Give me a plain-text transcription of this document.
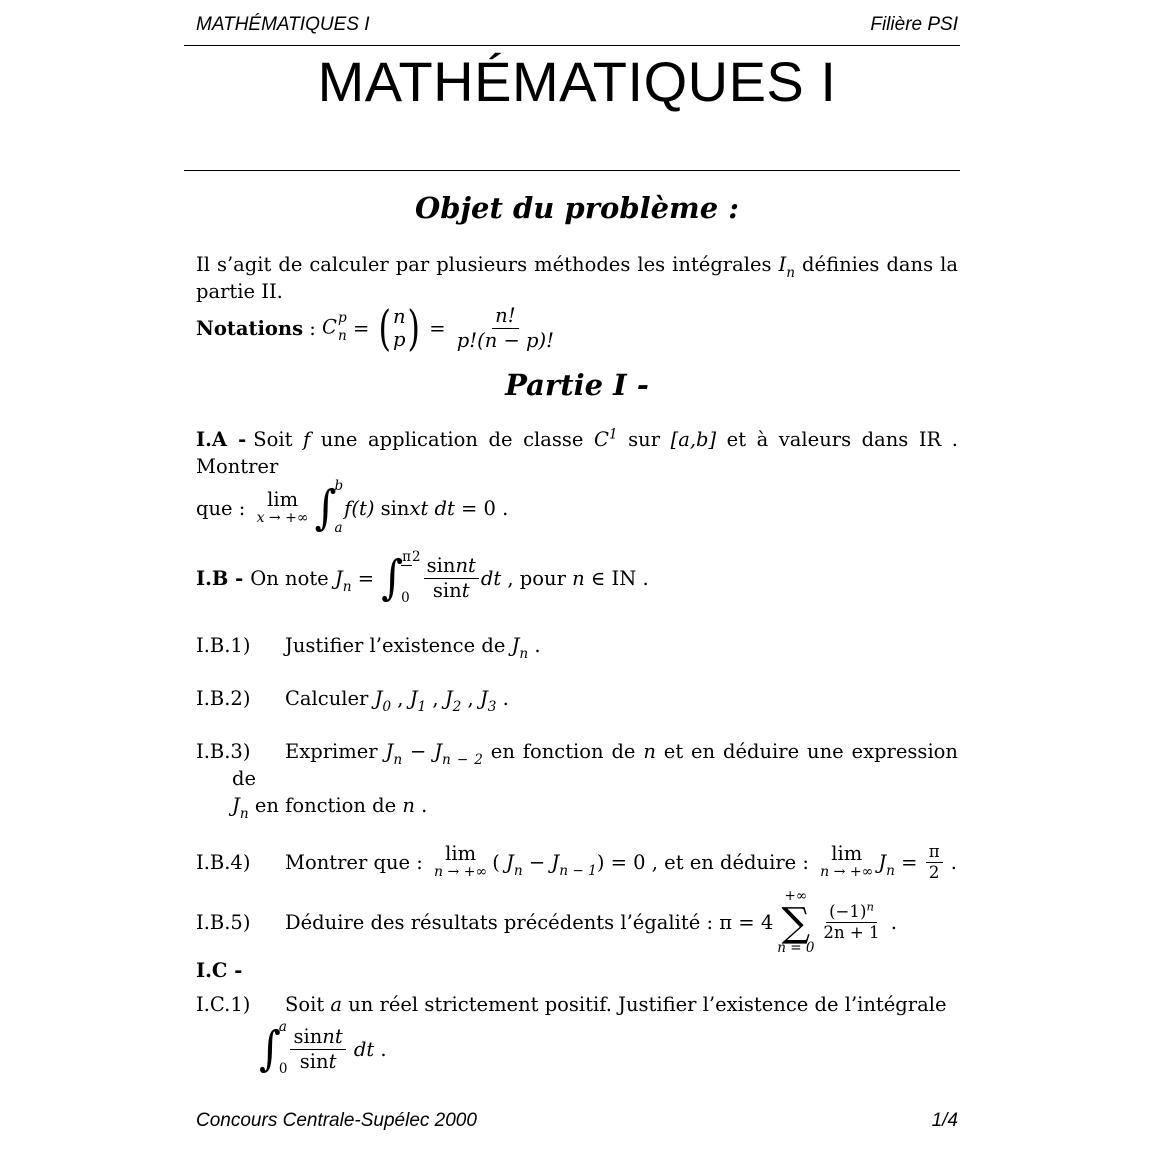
MATHÉMATIQUES I	Filière PSI
MATHÉMATIQUES I
Objet du problème :
Il s’agit de calculer par plusieurs méthodes les intégrales $I_n$ définies dans la
partie II.
Notations : C p
n = ( n
p ) = $\frac{n!}{p!(n - p)!}$
Partie I -
I.A - Soit f une application de classe $C^1$ sur [a,b] et à valeurs dans IR . Montrer
que : lim
x → +∞ ∫
b
a
f(t)
sin xt dt = 0 .
I.B - On note $J_n$ = ∫ π2
$0 \frac{\text{sinnt}}{\sin t}$ dt , pour n ∈ IN .
I.B.1) Justifier l’existence de $J_n$ .
I.B.2) Calculer $J_0$ , $J_1$ , $J_2$ , $J_3$ .
I.B.3) Exprimer $J_n - J_{n - 2}$ en fonction de n et en déduire une expression de
$J_n$ en fonction de n .
I.B.4)	Montrer que : lim
n → +∞ ( $J_n - J_{n - 1}$ ) = 0 , et en déduire : lim
n → +∞ $J_n = \frac{\pi}{2}$ .
I.B.5)	Déduire des résultats précédents l’égalité : π = 4
+∞
∑
n = 0
$\frac{(-1)^n}{2n + 1}$ .
I.C -
I.C.1) Soit a un réel strictement positif. Justifier l’existence de l’intégrale
∫
a
$0 \frac{\text{sinnt}}{\sin t}$ dt .
Concours Centrale-Supélec 2000	1/4
